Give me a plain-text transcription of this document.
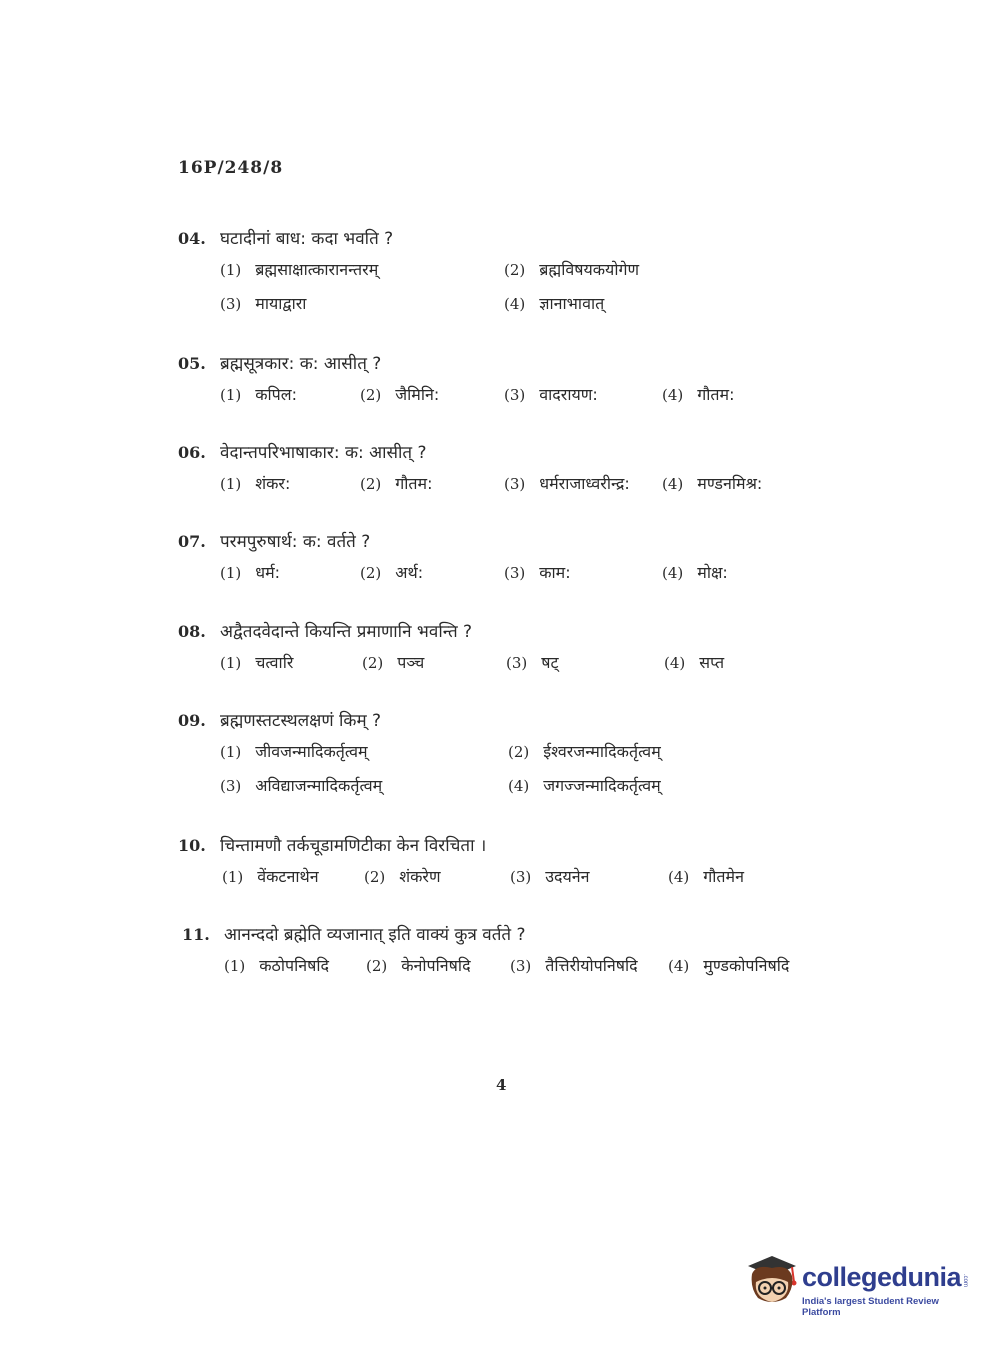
16P/248/8
04. घटादीनां बाध: कदा भवति ?
(1) ब्रह्मसाक्षात्कारानन्तरम्	(2) ब्रह्मविषयकयोगेण
(3) मायाद्वारा	(4) ज्ञानाभावात्
05. ब्रह्मसूत्रकार: क: आसीत् ?
(1) कपिल:	(2) जैमिनि:	(3) वादरायण:	(4) गौतम:
06. वेदान्तपरिभाषाकार: क: आसीत् ?
(1) शंकर:	(2) गौतम:	(3) धर्मराजाध्वरीन्द्र: (4) मण्डनमिश्र:
07. परमपुरुषार्थ: क: वर्तते ?
(1) धर्म:	(2) अर्थ:	(3) काम:	(4) मोक्ष:
08. अद्वैतदवेदान्ते कियन्ति प्रमाणानि भवन्ति ?
(1) चत्वारि	(2) पञ्च	(3) षट्	(4) सप्त
09. ब्रह्मणस्तटस्थलक्षणं किम् ?
(1) जीवजन्मादिकर्तृत्वम्	(2) ईश्वरजन्मादिकर्तृत्वम्
(3) अविद्याजन्मादिकर्तृत्वम्	(4) जगज्जन्मादिकर्तृत्वम्
10. चिन्तामणौ तर्कचूडामणिटीका केन विरचिता ।
(1) वेंकटनाथेन	(2) शंकरेण	(3) उदयनेन	(4) गौतमेन
11. आनन्ददो ब्रह्मेति व्यजानात् इति वाक्यं कुत्र वर्तते ?
(1) कठोपनिषदि (2) केनोपनिषदि	(3) तैत्तिरीयोपनिषदि (4) मुण्डकोपनिषदि
4
collegedunia .com
India's largest Student Review Platform
